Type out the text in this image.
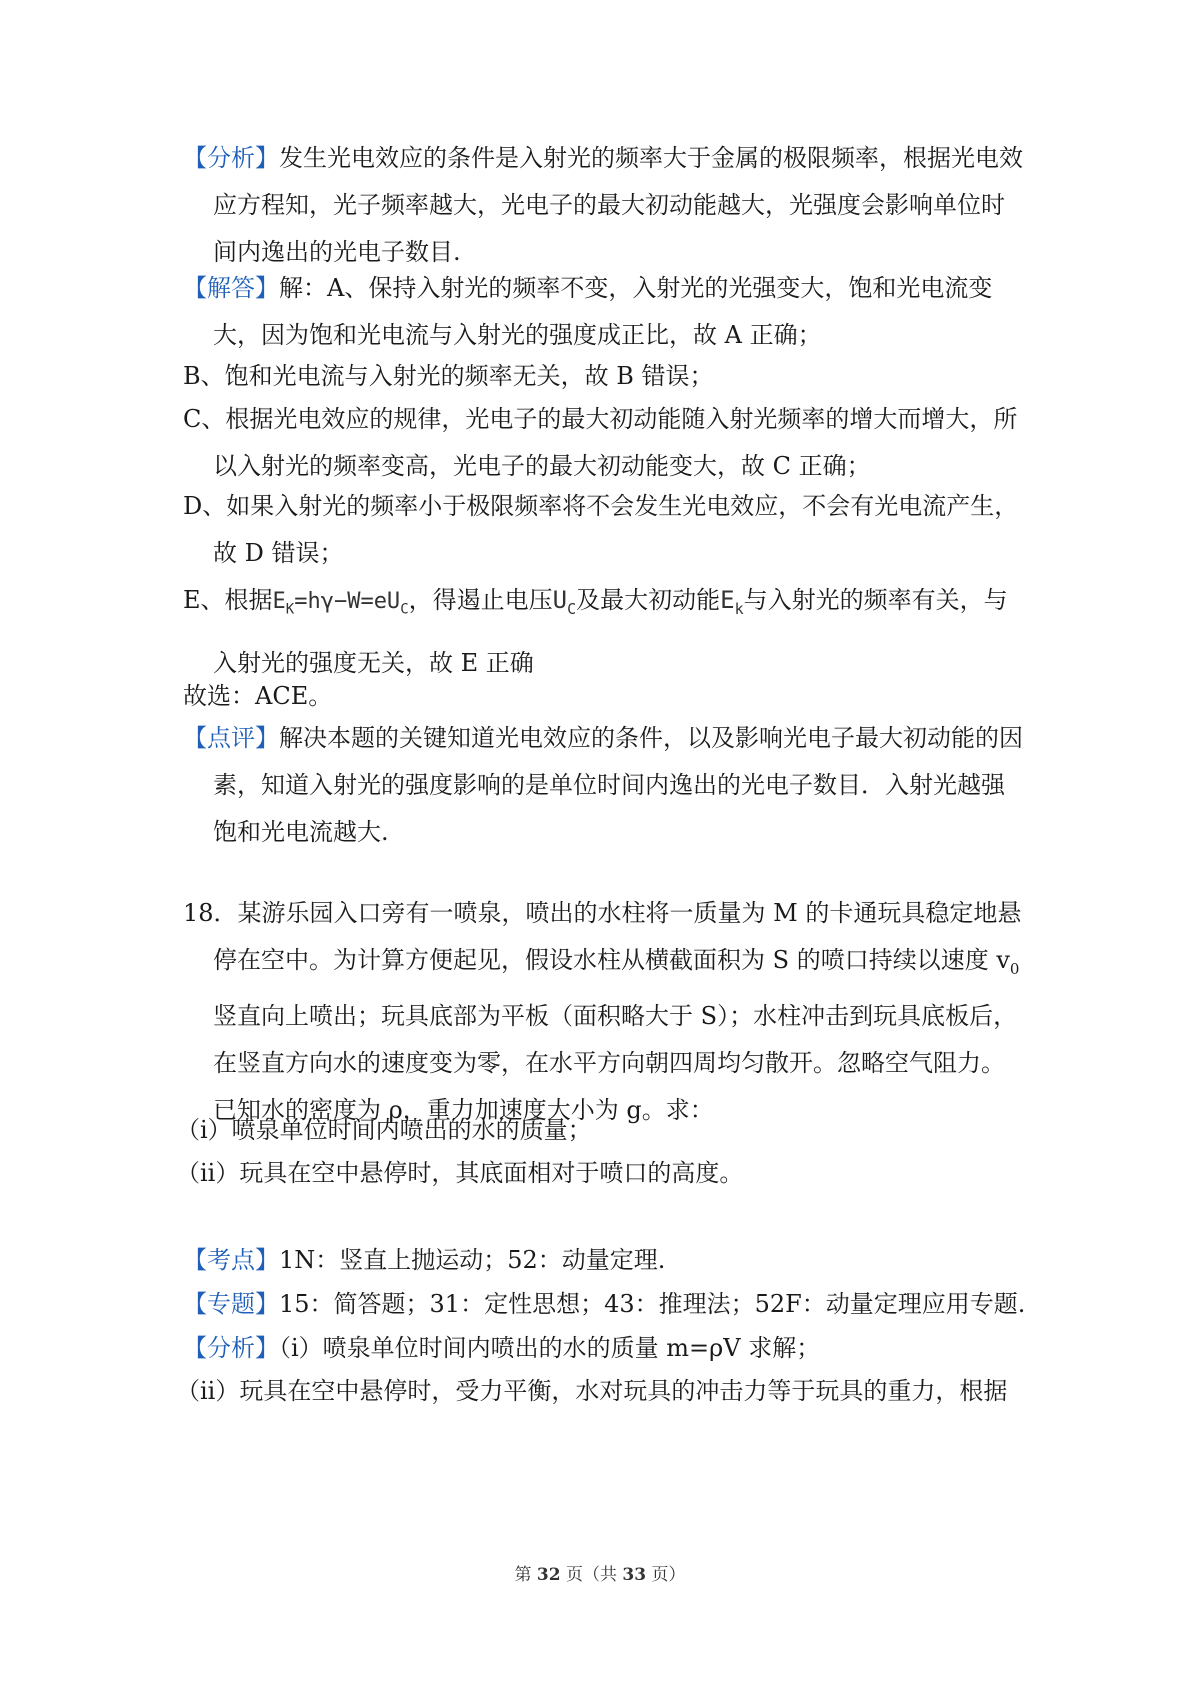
【分析】发生光电效应的条件是入射光的频率大于金属的极限频率，根据光电效应方程知，光子频率越大，光电子的最大初动能越大，光强度会影响单位时间内逸出的光电子数目.

【解答】解：A、保持入射光的频率不变，入射光的光强变大，饱和光电流变大，因为饱和光电流与入射光的强度成正比，故 A 正确；

B、饱和光电流与入射光的频率无关，故 B 错误；

C、根据光电效应的规律，光电子的最大初动能随入射光频率的增大而增大，所以入射光的频率变高，光电子的最大初动能变大，故 C 正确；

D、如果入射光的频率小于极限频率将不会发生光电效应，不会有光电流产生，故 D 错误；

E、根据$E_K=h\gamma-W=eU_C$，得遏止电压$U_C$及最大初动能$E_k$与入射光的频率有关，与入射光的强度无关，故 E 正确

故选：ACE。

【点评】解决本题的关键知道光电效应的条件，以及影响光电子最大初动能的因素，知道入射光的强度影响的是单位时间内逸出的光电子数目．入射光越强饱和光电流越大.

18．某游乐园入口旁有一喷泉，喷出的水柱将一质量为 M 的卡通玩具稳定地悬停在空中。为计算方便起见，假设水柱从横截面积为 S 的喷口持续以速度 $v_0$竖直向上喷出；玩具底部为平板（面积略大于 S）；水柱冲击到玩具底板后，在竖直方向水的速度变为零，在水平方向朝四周均匀散开。忽略空气阻力。已知水的密度为 ρ，重力加速度大小为 g。求：

（i）喷泉单位时间内喷出的水的质量；

（ii）玩具在空中悬停时，其底面相对于喷口的高度。

【考点】1N：竖直上抛运动；52：动量定理.

【专题】15：简答题；31：定性思想；43：推理法；52F：动量定理应用专题.

【分析】（i）喷泉单位时间内喷出的水的质量 m=ρV 求解；

（ii）玩具在空中悬停时，受力平衡，水对玩具的冲击力等于玩具的重力，根据

第 32 页（共 33 页）
